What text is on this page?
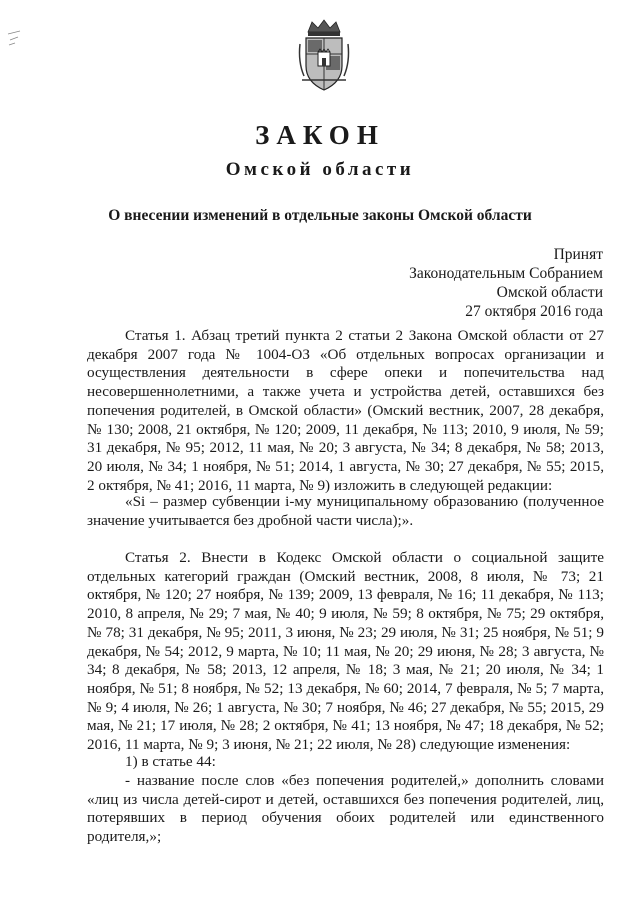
ЗАКОН
Омской области
О внесении изменений в отдельные законы Омской области
Принят
Законодательным Собранием
Омской области
27 октября 2016 года

Статья 1. Абзац третий пункта 2 статьи 2 Закона Омской области от 27 декабря 2007 года № 1004-ОЗ «Об отдельных вопросах организации и осуществления деятельности в сфере опеки и попечительства над несовершеннолетними, а также учета и устройства детей, оставшихся без попечения родителей, в Омской области» (Омский вестник, 2007, 28 декабря, № 130; 2008, 21 октября, № 120; 2009, 11 декабря, № 113; 2010, 9 июля, № 59; 31 декабря, № 95; 2012, 11 мая, № 20; 3 августа, № 34; 8 декабря, № 58; 2013, 20 июля, № 34; 1 ноября, № 51; 2014, 1 августа, № 30; 27 декабря, № 55; 2015, 2 октября, № 41; 2016, 11 марта, № 9) изложить в следующей редакции:

«Si – размер субвенции i-му муниципальному образованию (полученное значение учитывается без дробной части числа);».

Статья 2. Внести в Кодекс Омской области о социальной защите отдельных категорий граждан (Омский вестник, 2008, 8 июля, № 73; 21 октября, № 120; 27 ноября, № 139; 2009, 13 февраля, № 16; 11 декабря, № 113; 2010, 8 апреля, № 29; 7 мая, № 40; 9 июля, № 59; 8 октября, № 75; 29 октября, № 78; 31 декабря, № 95; 2011, 3 июня, № 23; 29 июля, № 31; 25 ноября, № 51; 9 декабря, № 54; 2012, 9 марта, № 10; 11 мая, № 20; 29 июня, № 28; 3 августа, № 34; 8 декабря, № 58; 2013, 12 апреля, № 18; 3 мая, № 21; 20 июля, № 34; 1 ноября, № 51; 8 ноября, № 52; 13 декабря, № 60; 2014, 7 февраля, № 5; 7 марта, № 9; 4 июля, № 26; 1 августа, № 30; 7 ноября, № 46; 27 декабря, № 55; 2015, 29 мая, № 21; 17 июля, № 28; 2 октября, № 41; 13 ноября, № 47; 18 декабря, № 52; 2016, 11 марта, № 9; 3 июня, № 21; 22 июля, № 28) следующие изменения:

1) в статье 44:

- название после слов «без попечения родителей,» дополнить словами «лиц из числа детей-сирот и детей, оставшихся без попечения родителей, лиц, потерявших в период обучения обоих родителей или единственного родителя,»;
